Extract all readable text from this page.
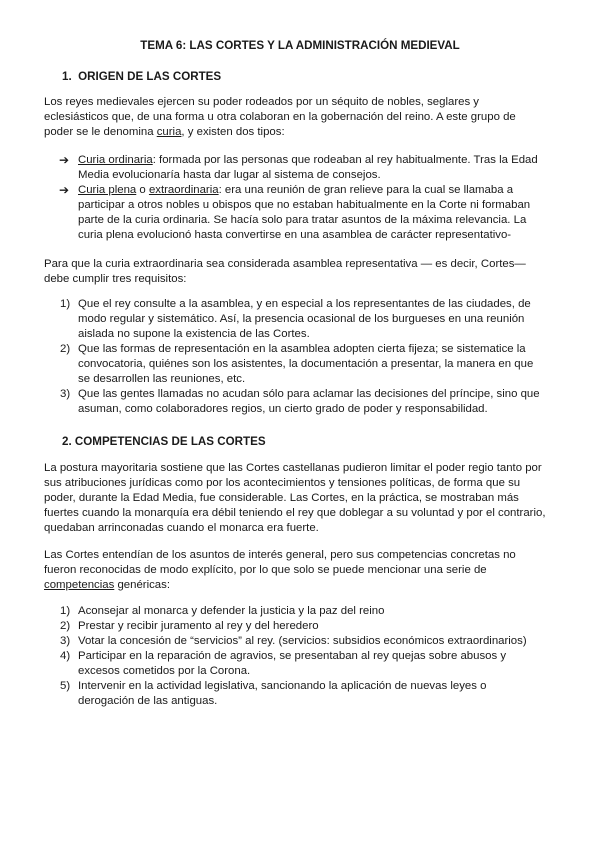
TEMA 6: LAS CORTES Y LA ADMINISTRACIÓN MEDIEVAL
1. ORIGEN DE LAS CORTES
Los reyes medievales ejercen su poder rodeados por un séquito de nobles, seglares y
eclesiásticos que, de una forma u otra colaboran en la gobernación del reino. A este grupo de
poder se le denomina curia, y existen dos tipos:
➔ Curia ordinaria: formada por las personas que rodeaban al rey habitualmente. Tras la Edad
Media evolucionaría hasta dar lugar al sistema de consejos.
➔ Curia plena o extraordinaria: era una reunión de gran relieve para la cual se llamaba a
participar a otros nobles u obispos que no estaban habitualmente en la Corte ni formaban
parte de la curia ordinaria. Se hacía solo para tratar asuntos de la máxima relevancia. La
curia plena evolucionó hasta convertirse en una asamblea de carácter representativo-
Para que la curia extraordinaria sea considerada asamblea representativa — es decir, Cortes—
debe cumplir tres requisitos:
1) Que el rey consulte a la asamblea, y en especial a los representantes de las ciudades, de
modo regular y sistemático. Así, la presencia ocasional de los burgueses en una reunión
aislada no supone la existencia de las Cortes.
2) Que las formas de representación en la asamblea adopten cierta fijeza; se sistematice la
convocatoria, quiénes son los asistentes, la documentación a presentar, la manera en que
se desarrollen las reuniones, etc.
3) Que las gentes llamadas no acudan sólo para aclamar las decisiones del príncipe, sino que
asuman, como colaboradores regios, un cierto grado de poder y responsabilidad.
2. COMPETENCIAS DE LAS CORTES
La postura mayoritaria sostiene que las Cortes castellanas pudieron limitar el poder regio tanto por
sus atribuciones jurídicas como por los acontecimientos y tensiones políticas, de forma que su
poder, durante la Edad Media, fue considerable. Las Cortes, en la práctica, se mostraban más
fuertes cuando la monarquía era débil teniendo el rey que doblegar a su voluntad y por el contrario,
quedaban arrinconadas cuando el monarca era fuerte.
Las Cortes entendían de los asuntos de interés general, pero sus competencias concretas no
fueron reconocidas de modo explícito, por lo que solo se puede mencionar una serie de
competencias genéricas:
1) Aconsejar al monarca y defender la justicia y la paz del reino
2) Prestar y recibir juramento al rey y del heredero
3) Votar la concesión de “servicios” al rey. (servicios: subsidios económicos extraordinarios)
4) Participar en la reparación de agravios, se presentaban al rey quejas sobre abusos y
excesos cometidos por la Corona.
5) Intervenir en la actividad legislativa, sancionando la aplicación de nuevas leyes o
derogación de las antiguas.
